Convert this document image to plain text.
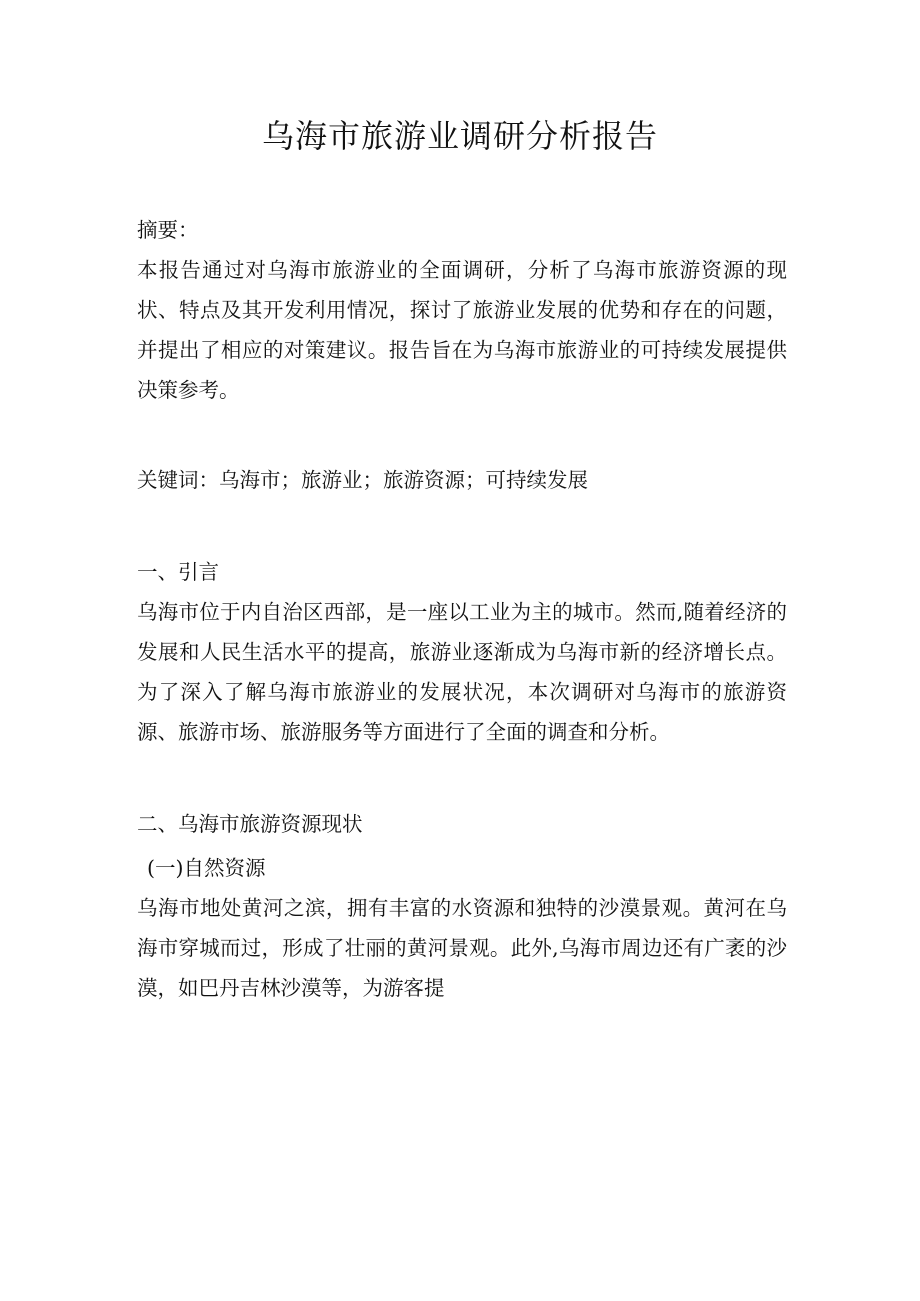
乌海市旅游业调研分析报告

摘要：

本报告通过对乌海市旅游业的全面调研，分析了乌海市旅游资源的现状、特点及其开发利用情况，探讨了旅游业发展的优势和存在的问题，并提出了相应的对策建议。报告旨在为乌海市旅游业的可持续发展提供决策参考。

关键词：乌海市；旅游业；旅游资源；可持续发展

一、引言

乌海市位于内自治区西部，是一座以工业为主的城市。然而,随着经济的发展和人民生活水平的提高，旅游业逐渐成为乌海市新的经济增长点。为了深入了解乌海市旅游业的发展状况，本次调研对乌海市的旅游资源、旅游市场、旅游服务等方面进行了全面的调查和分析。

二、乌海市旅游资源现状

(一)自然资源

乌海市地处黄河之滨，拥有丰富的水资源和独特的沙漠景观。黄河在乌海市穿城而过，形成了壮丽的黄河景观。此外,乌海市周边还有广袤的沙漠，如巴丹吉林沙漠等，为游客提
